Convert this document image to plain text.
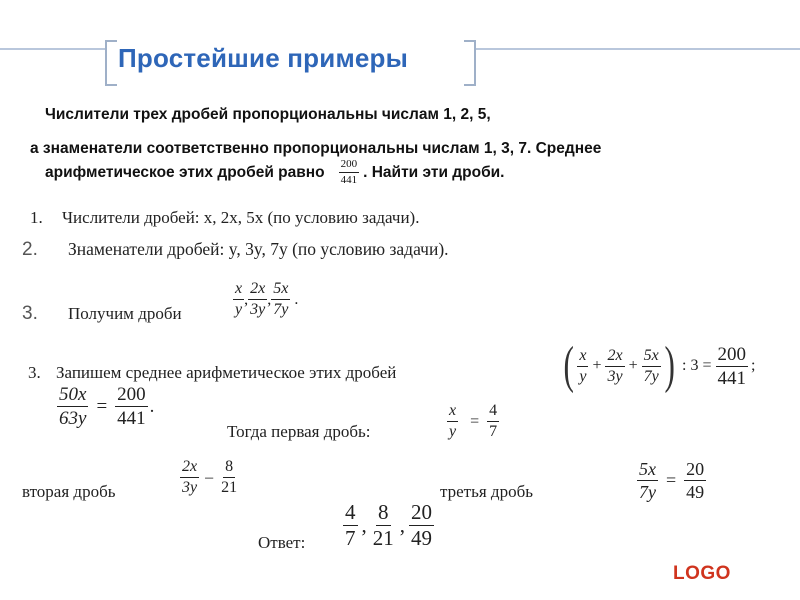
Простейшие примеры
Числители трех дробей пропорциональны числам 1, 2, 5,
а знаменатели соответственно пропорциональны числам 1, 3, 7. Среднее
арифметическое этих дробей равно $\frac{200}{441}$ . Найти эти дроби.
1. Числители дробей: x, 2x, 5x (по условию задачи).
2. Знаменатели дробей: y, 3y, 7y (по условию задачи).
3. Получим дроби	$\frac{x}{y}$ , $\frac{2x}{3y}$ , $\frac{5x}{7y}$ .
3. Запишем среднее арифметическое этих дробей	( $\frac{x}{y} + \frac{2x}{3y} + \frac{5x}{7y}$ ) : $3 = \frac{200}{441}$ ;
$\frac{50x}{63y} = \frac{200}{441}$ .
Тогда первая дробь:	$\frac{x}{y} = \frac{4}{7}$
вторая дробь	$\frac{2x}{3y} - \frac{8}{21}$	третья дробь	$\frac{5x}{7y} = \frac{20}{49}$
Ответ: $\frac{4}{7}$ , $\frac{8}{21}$ , $\frac{20}{49}$
LOGO
